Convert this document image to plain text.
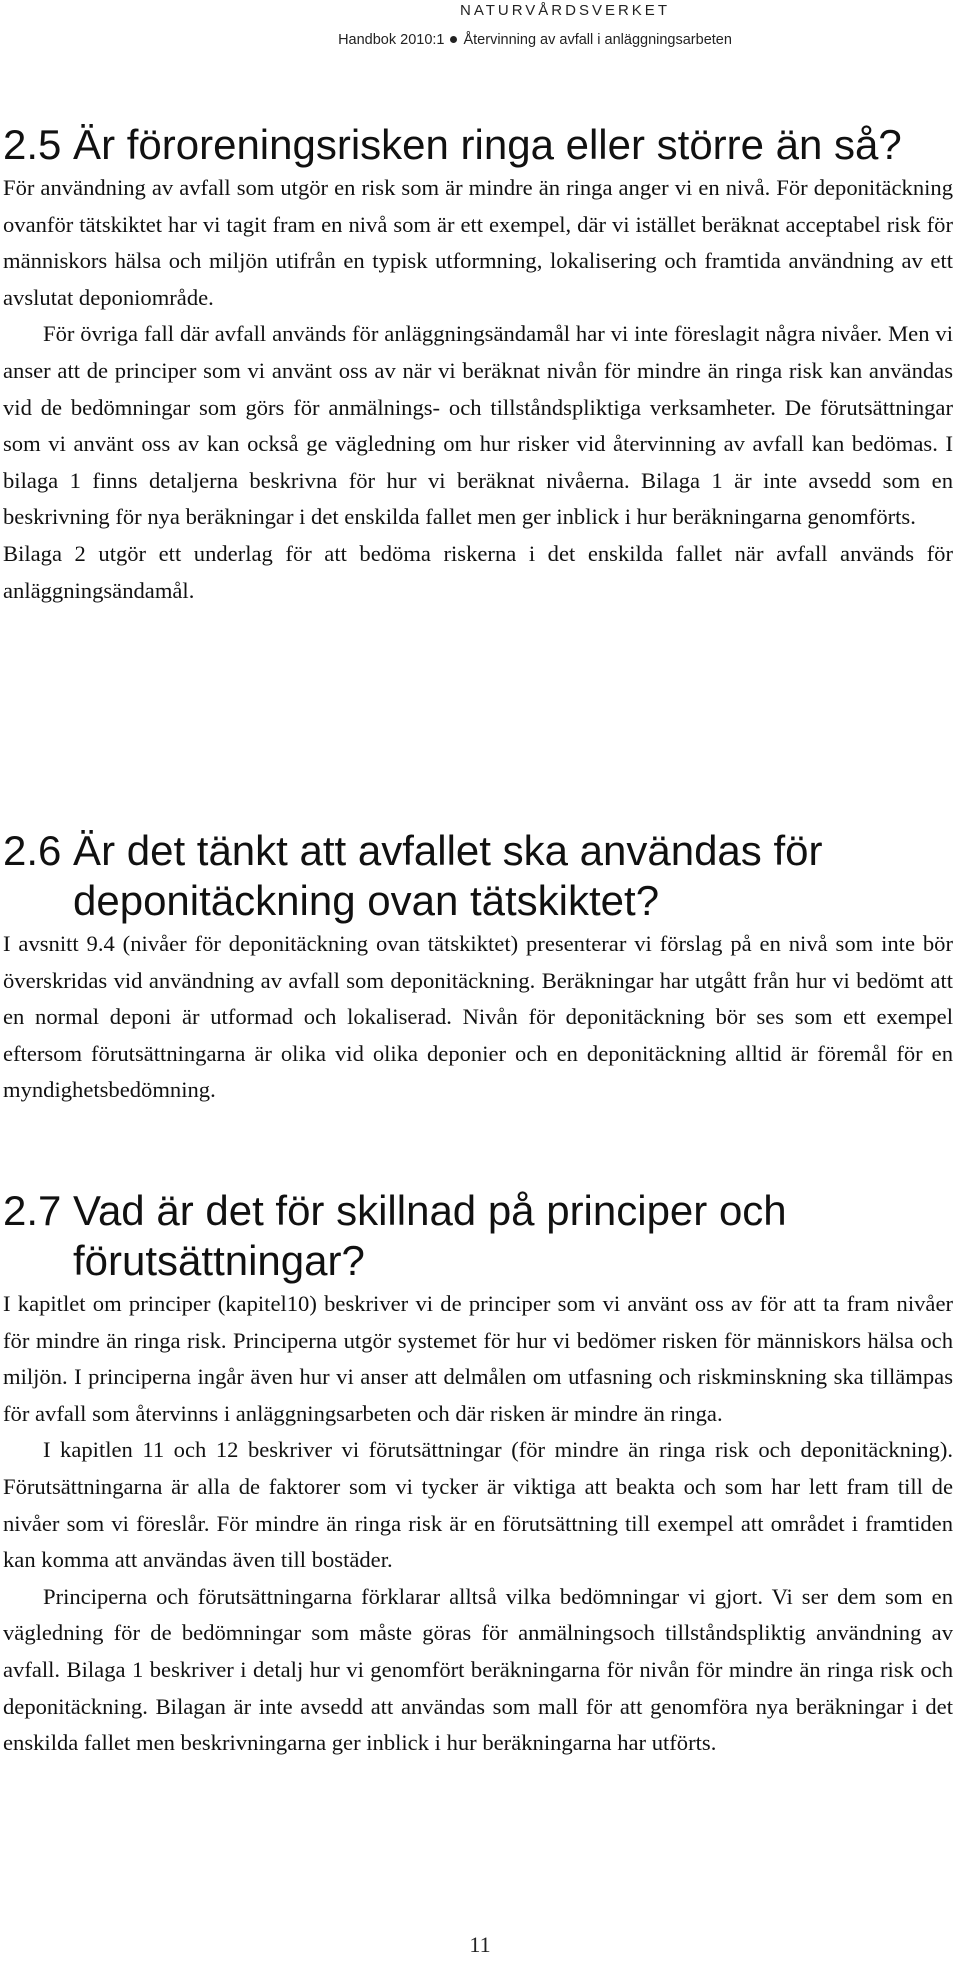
NATURVÅRDSVERKET
Handbok 2010:1 Återvinning av avfall i anläggningsarbeten
2.5 Är föroreningsrisken ringa eller större än så?

För användning av avfall som utgör en risk som är mindre än ringa anger vi en nivå. För deponitäckning ovanför tätskiktet har vi tagit fram en nivå som är ett exempel, där vi istället beräknat acceptabel risk för människors hälsa och miljön utifrån en typisk utformning, lokalisering och framtida användning av ett avslutat deponiområde.

För övriga fall där avfall används för anläggningsändamål har vi inte föreslagit några nivåer. Men vi anser att de principer som vi använt oss av när vi beräknat nivån för mindre än ringa risk kan användas vid de bedömningar som görs för anmälnings- och tillståndspliktiga verksamheter. De förutsättningar som vi använt oss av kan också ge vägledning om hur risker vid återvinning av avfall kan bedömas. I bilaga 1 finns detaljerna beskrivna för hur vi beräknat nivåerna. Bilaga 1 är inte avsedd som en beskrivning för nya beräkningar i det enskilda fallet men ger inblick i hur beräkningarna genomförts.

Bilaga 2 utgör ett underlag för att bedöma riskerna i det enskilda fallet när avfall används för anläggningsändamål.

2.6 Är det tänkt att avfallet ska användas för deponitäckning ovan tätskiktet?

I avsnitt 9.4 (nivåer för deponitäckning ovan tätskiktet) presenterar vi förslag på en nivå som inte bör överskridas vid användning av avfall som deponitäckning. Beräkningar har utgått från hur vi bedömt att en normal deponi är utformad och lokaliserad. Nivån för deponitäckning bör ses som ett exempel eftersom förutsättningarna är olika vid olika deponier och en deponitäckning alltid är föremål för en myndighetsbedömning.

2.7 Vad är det för skillnad på principer och förutsättningar?

I kapitlet om principer (kapitel10) beskriver vi de principer som vi använt oss av för att ta fram nivåer för mindre än ringa risk. Principerna utgör systemet för hur vi bedömer risken för människors hälsa och miljön. I principerna ingår även hur vi anser att delmålen om utfasning och riskminskning ska tillämpas för avfall som återvinns i anläggningsarbeten och där risken är mindre än ringa.

I kapitlen 11 och 12 beskriver vi förutsättningar (för mindre än ringa risk och deponitäckning). Förutsättningarna är alla de faktorer som vi tycker är viktiga att beakta och som har lett fram till de nivåer som vi föreslår. För mindre än ringa risk är en förutsättning till exempel att området i framtiden kan komma att användas även till bostäder.

Principerna och förutsättningarna förklarar alltså vilka bedömningar vi gjort. Vi ser dem som en vägledning för de bedömningar som måste göras för anmälningsoch tillståndspliktig användning av avfall. Bilaga 1 beskriver i detalj hur vi genomfört beräkningarna för nivån för mindre än ringa risk och deponitäckning. Bilagan är inte avsedd att användas som mall för att genomföra nya beräkningar i det enskilda fallet men beskrivningarna ger inblick i hur beräkningarna har utförts.

11
